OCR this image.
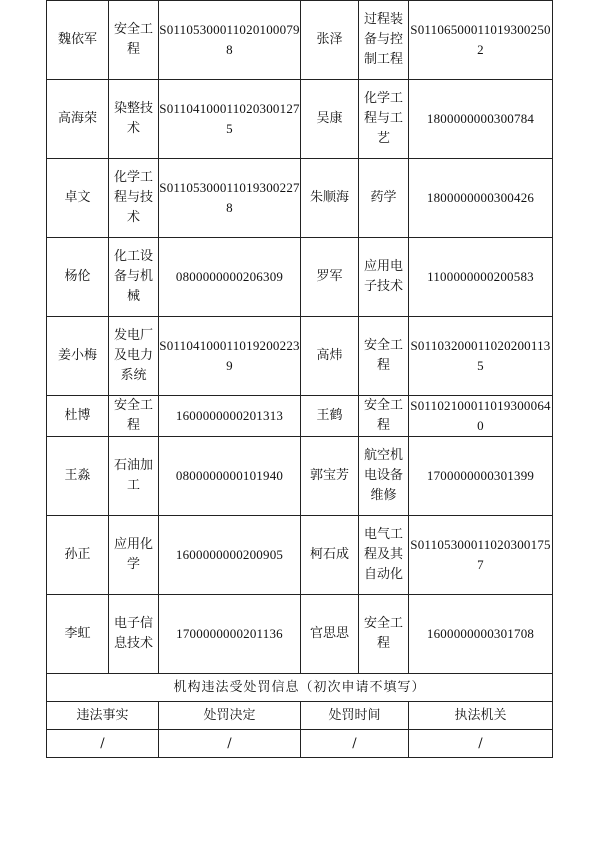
魏依军	安全工程	S011053000110201000798	张泽	过程装备与控制工程	S011065000110193002502
高海荣	染整技术	S011041000110203001275	吴康	化学工程与工艺	1800000000300784
卓文	化学工程与技术	S011053000110193002278	朱顺海	药学	1800000000300426
杨伦	化工设备与机械	0800000000206309	罗军	应用电子技术	1100000000200583
姜小梅	发电厂及电力系统	S011041000110192002239	高炜	安全工程	S011032000110202001135
杜博	安全工程	1600000000201313	王鹤	安全工程	S011021000110193000640
王淼	石油加工	0800000000101940	郭宝芳	航空机电设备维修	1700000000301399
孙正	应用化学	1600000000200905	柯石成	电气工程及其自动化	S011053000110203001757
李虹	电子信息技术	1700000000201136	官思思	安全工程	1600000000301708
机构违法受处罚信息（初次申请不填写）					
违法事实		处罚决定	处罚时间		执法机关
/		/	/		/
